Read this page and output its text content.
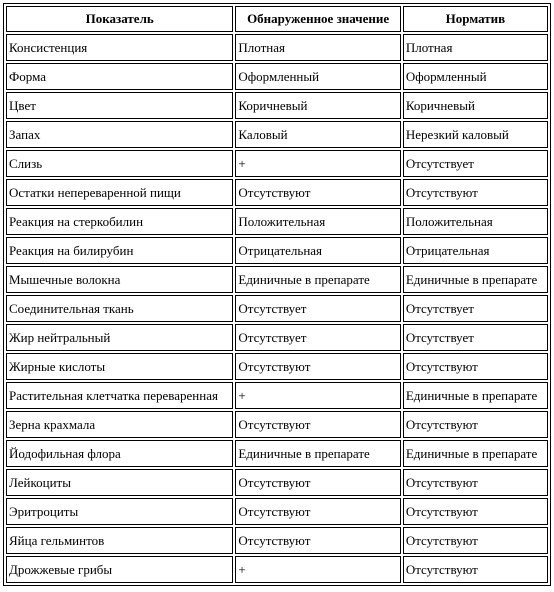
Показатель	Обнаруженное значение	Норматив
Консистенция	Плотная	Плотная
Форма	Оформленный	Оформленный
Цвет	Коричневый	Коричневый
Запах	Каловый	Нерезкий каловый
Слизь	+	Отсутствует
Остатки непереваренной пищи	Отсутствуют	Отсутствуют
Реакция на стеркобилин	Положительная	Положительная
Реакция на билирубин	Отрицательная	Отрицательная
Мышечные волокна	Единичные в препарате	Единичные в препарате
Соединительная ткань	Отсутствует	Отсутствует
Жир нейтральный	Отсутствует	Отсутствует
Жирные кислоты	Отсутствуют	Отсутствуют
Растительная клетчатка переваренная	+	Единичные в препарате
Зерна крахмала	Отсутствуют	Отсутствуют
Йодофильная флора	Единичные в препарате	Единичные в препарате
Лейкоциты	Отсутствуют	Отсутствуют
Эритроциты	Отсутствуют	Отсутствуют
Яйца гельминтов	Отсутствуют	Отсутствуют
Дрожжевые грибы	+	Отсутствуют
